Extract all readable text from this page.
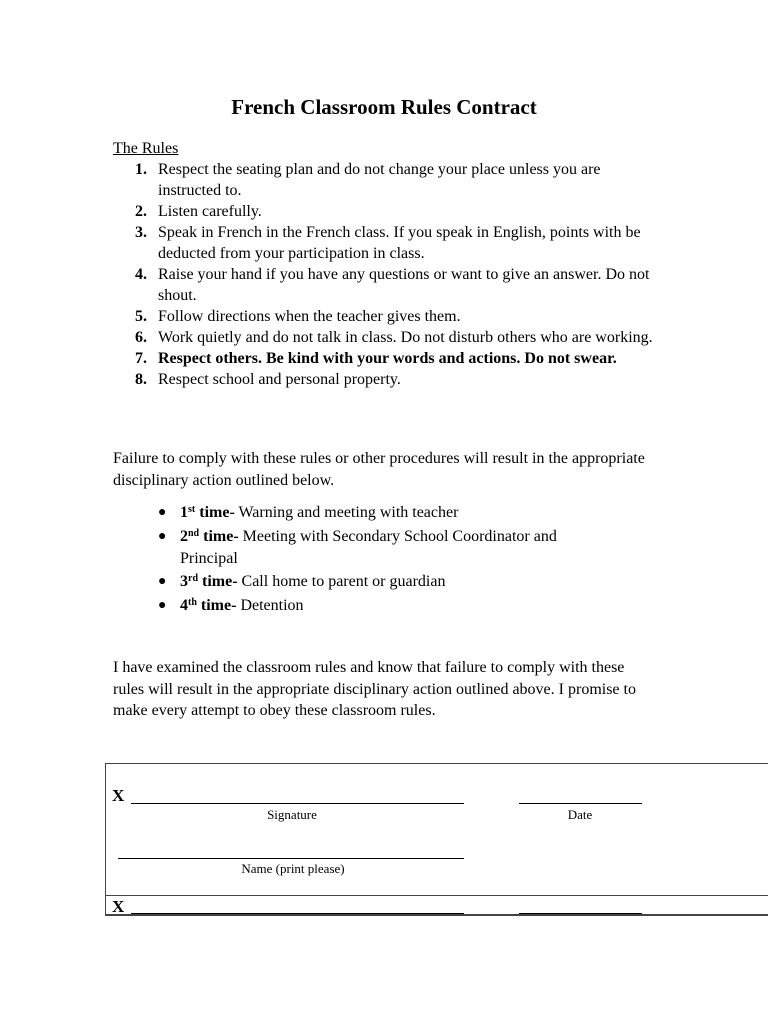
French Classroom Rules Contract
The Rules
1. Respect the seating plan and do not change your place unless you are instructed to.
2. Listen carefully.
3. Speak in French in the French class. If you speak in English, points with be deducted from your participation in class.
4. Raise your hand if you have any questions or want to give an answer. Do not shout.
5. Follow directions when the teacher gives them.
6. Work quietly and do not talk in class. Do not disturb others who are working.
7. Respect others. Be kind with your words and actions. Do not swear.
8. Respect school and personal property.
Failure to comply with these rules or other procedures will result in the appropriate disciplinary action outlined below.
● 1st time- Warning and meeting with teacher
● 2nd time- Meeting with Secondary School Coordinator and Principal
● 3rd time- Call home to parent or guardian
● 4th time- Detention
I have examined the classroom rules and know that failure to comply with these rules will result in the appropriate disciplinary action outlined above. I promise to make every attempt to obey these classroom rules.
X
Signature	Date
Name (print please)
X
